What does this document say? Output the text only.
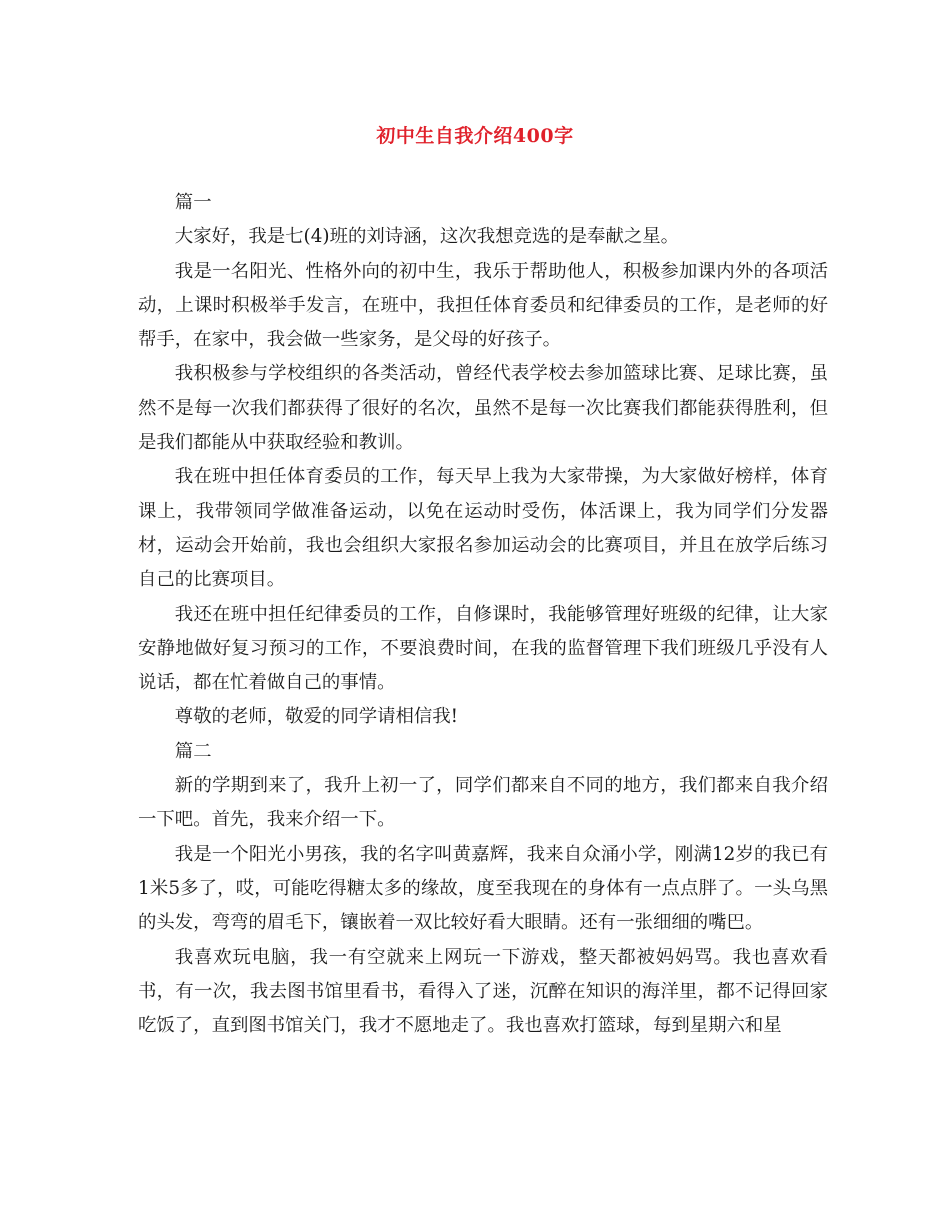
初中生自我介绍400字

篇一

大家好，我是七(4)班的刘诗涵，这次我想竞选的是奉献之星。

我是一名阳光、性格外向的初中生，我乐于帮助他人，积极参加课内外的各项活动，上课时积极举手发言，在班中，我担任体育委员和纪律委员的工作，是老师的好帮手，在家中，我会做一些家务，是父母的好孩子。

我积极参与学校组织的各类活动，曾经代表学校去参加篮球比赛、足球比赛，虽然不是每一次我们都获得了很好的名次，虽然不是每一次比赛我们都能获得胜利，但是我们都能从中获取经验和教训。

我在班中担任体育委员的工作，每天早上我为大家带操，为大家做好榜样，体育课上，我带领同学做准备运动，以免在运动时受伤，体活课上，我为同学们分发器材，运动会开始前，我也会组织大家报名参加运动会的比赛项目，并且在放学后练习自己的比赛项目。

我还在班中担任纪律委员的工作，自修课时，我能够管理好班级的纪律，让大家安静地做好复习预习的工作，不要浪费时间，在我的监督管理下我们班级几乎没有人说话，都在忙着做自己的事情。

尊敬的老师，敬爱的同学请相信我!

篇二

新的学期到来了，我升上初一了，同学们都来自不同的地方，我们都来自我介绍一下吧。首先，我来介绍一下。

我是一个阳光小男孩，我的名字叫黄嘉辉，我来自众涌小学，刚满12岁的我已有1米5多了，哎，可能吃得糖太多的缘故，度至我现在的身体有一点点胖了。一头乌黑的头发，弯弯的眉毛下，镶嵌着一双比较好看大眼睛。还有一张细细的嘴巴。

我喜欢玩电脑，我一有空就来上网玩一下游戏，整天都被妈妈骂。我也喜欢看书，有一次，我去图书馆里看书，看得入了迷，沉醉在知识的海洋里，都不记得回家吃饭了，直到图书馆关门，我才不愿地走了。我也喜欢打篮球，每到星期六和星
